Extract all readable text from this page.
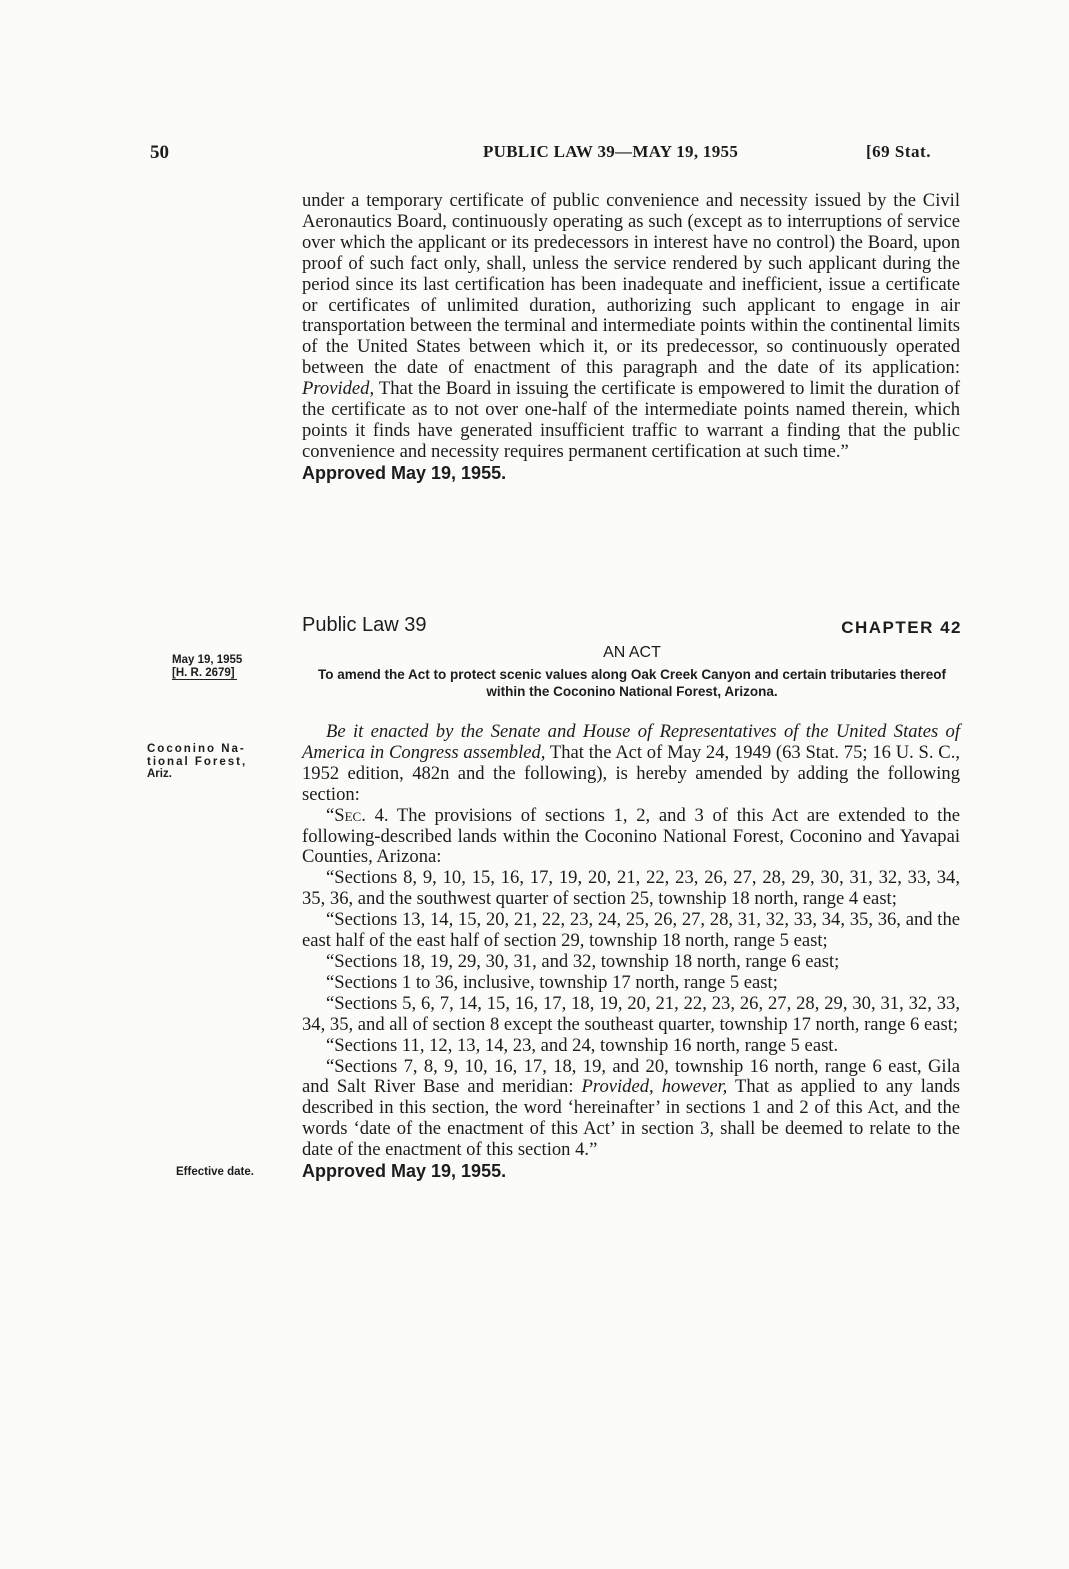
50	PUBLIC LAW 39—MAY 19, 1955	[69 Stat.

under a temporary certificate of public convenience and necessity issued by the Civil Aeronautics Board, continuously operating as such (except as to interruptions of service over which the applicant or its predecessors in interest have no control) the Board, upon proof of such fact only, shall, unless the service rendered by such applicant during the period since its last certification has been inadequate and inefficient, issue a certificate or certificates of unlimited duration, authorizing such applicant to engage in air transportation between the terminal and intermediate points within the continental limits of the United States between which it, or its predecessor, so continuously operated between the date of enactment of this paragraph and the date of its application: Provided, That the Board in issuing the certificate is empowered to limit the duration of the certificate as to not over one-half of the intermediate points named therein, which points it finds have generated insufficient traffic to warrant a finding that the public convenience and necessity requires permanent certification at such time.”

Approved May 19, 1955.

Public Law 39	CHAPTER 42
AN ACT
To amend the Act to protect scenic values along Oak Creek Canyon and certain tributaries thereof within the Coconino National Forest, Arizona.

Be it enacted by the Senate and House of Representatives of the United States of America in Congress assembled, That the Act of May 24, 1949 (63 Stat. 75; 16 U. S. C., 1952 edition, 482n and the following), is hereby amended by adding the following section:

“Sec. 4. The provisions of sections 1, 2, and 3 of this Act are extended to the following-described lands within the Coconino National Forest, Coconino and Yavapai Counties, Arizona:

“Sections 8, 9, 10, 15, 16, 17, 19, 20, 21, 22, 23, 26, 27, 28, 29, 30, 31, 32, 33, 34, 35, 36, and the southwest quarter of section 25, township 18 north, range 4 east;

“Sections 13, 14, 15, 20, 21, 22, 23, 24, 25, 26, 27, 28, 31, 32, 33, 34, 35, 36, and the east half of the east half of section 29, township 18 north, range 5 east;

“Sections 18, 19, 29, 30, 31, and 32, township 18 north, range 6 east;

“Sections 1 to 36, inclusive, township 17 north, range 5 east;

“Sections 5, 6, 7, 14, 15, 16, 17, 18, 19, 20, 21, 22, 23, 26, 27, 28, 29, 30, 31, 32, 33, 34, 35, and all of section 8 except the southeast quarter, township 17 north, range 6 east;

“Sections 11, 12, 13, 14, 23, and 24, township 16 north, range 5 east.

“Sections 7, 8, 9, 10, 16, 17, 18, 19, and 20, township 16 north, range 6 east, Gila and Salt River Base and meridian: Provided, however, That as applied to any lands described in this section, the word ‘hereinafter’ in sections 1 and 2 of this Act, and the words ‘date of the enactment of this Act’ in section 3, shall be deemed to relate to the date of the enactment of this section 4.”

Approved May 19, 1955.

May 19, 1955
[H. R. 2679]
Coconino Na-
tional Forest,
Ariz.
Effective date.
